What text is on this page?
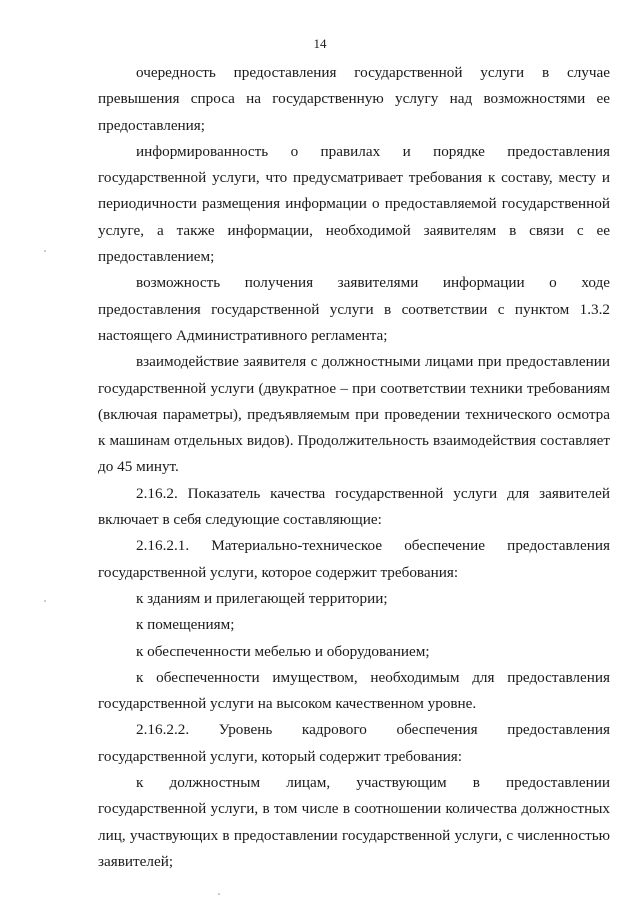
14

очередность предоставления государственной услуги в случае превышения спроса на государственную услугу над возможностями ее предоставления;

информированность о правилах и порядке предоставления государственной услуги, что предусматривает требования к составу, месту и периодичности размещения информации о предоставляемой государственной услуге, а также информации, необходимой заявителям в связи с ее предоставлением;

возможность получения заявителями информации о ходе предоставления государственной услуги в соответствии с пунктом 1.3.2 настоящего Административного регламента;

взаимодействие заявителя с должностными лицами при предоставлении государственной услуги (двукратное – при соответствии техники требованиям (включая параметры), предъявляемым при проведении технического осмотра к машинам отдельных видов). Продолжительность взаимодействия составляет до 45 минут.

2.16.2. Показатель качества государственной услуги для заявителей включает в себя следующие составляющие:

2.16.2.1. Материально-техническое обеспечение предоставления государственной услуги, которое содержит требования:

к зданиям и прилегающей территории;

к помещениям;

к обеспеченности мебелью и оборудованием;

к обеспеченности имуществом, необходимым для предоставления государственной услуги на высоком качественном уровне.

2.16.2.2. Уровень кадрового обеспечения предоставления государственной услуги, который содержит требования:

к должностным лицам, участвующим в предоставлении государственной услуги, в том числе в соотношении количества должностных лиц, участвующих в предоставлении государственной услуги, с численностью заявителей;
